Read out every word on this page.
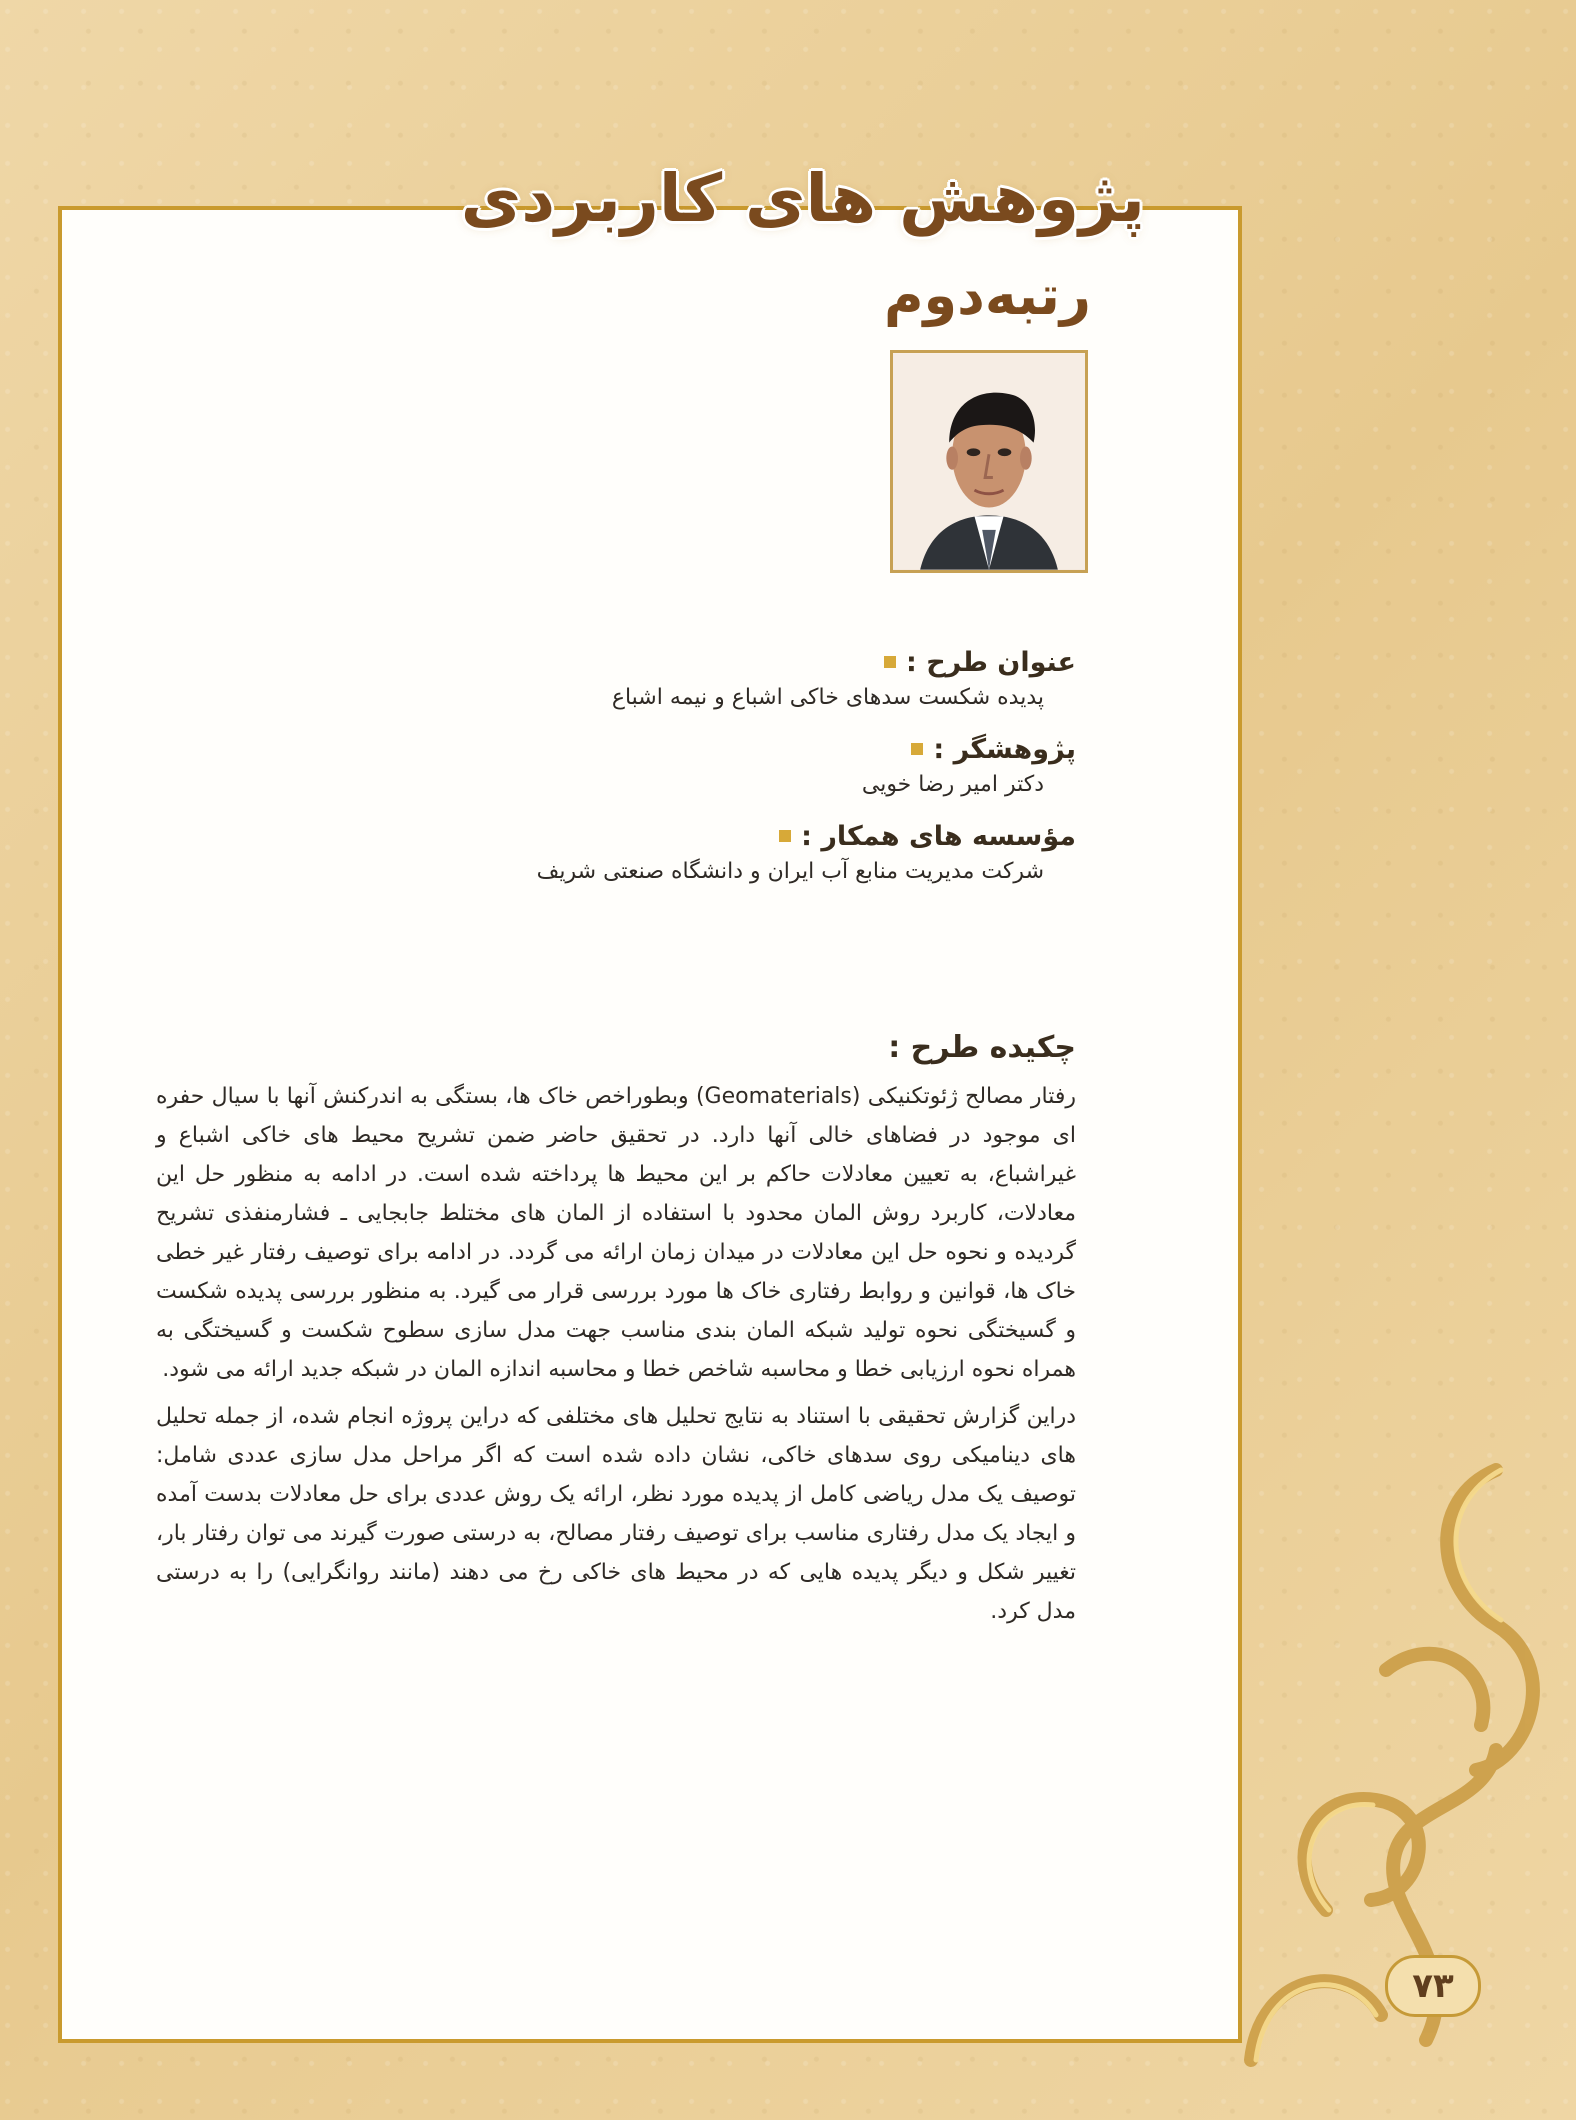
پژوهش های کاربردی
رتبه‌دوم
عنوان طرح :
پدیده شکست سدهای خاکی اشباع و نیمه اشباع
پژوهشگر :
دکتر امیر رضا خویی
مؤسسه های همکار :
شرکت مدیریت منابع آب ایران و دانشگاه صنعتی شریف
چکیده طرح :

رفتار مصالح ژئوتکنیکی (Geomaterials) وبطوراخص خاک ها، بستگی به اندرکنش آنها با سیال حفره ای موجود در فضاهای خالی آنها دارد. در تحقیق حاضر ضمن تشریح محیط های خاکی اشباع و غیراشباع، به تعیین معادلات حاکم بر این محیط ها پرداخته شده است. در ادامه به منظور حل این معادلات، کاربرد روش المان محدود با استفاده از المان های مختلط جابجایی ـ فشارمنفذی تشریح گردیده و نحوه حل این معادلات در میدان زمان ارائه می گردد. در ادامه برای توصیف رفتار غیر خطی خاک ها، قوانین و روابط رفتاری خاک ها مورد بررسی قرار می گیرد. به منظور بررسی پدیده شکست و گسیختگی نحوه تولید شبکه المان بندی مناسب جهت مدل سازی سطوح شکست و گسیختگی به همراه نحوه ارزیابی خطا و محاسبه شاخص خطا و محاسبه اندازه المان در شبکه جدید ارائه می شود.

دراین گزارش تحقیقی با استناد به نتایج تحلیل های مختلفی که دراین پروژه انجام شده، از جمله تحلیل های دینامیکی روی سدهای خاکی، نشان داده شده است که اگر مراحل مدل سازی عددی شامل: توصیف یک مدل ریاضی کامل از پدیده مورد نظر، ارائه یک روش عددی برای حل معادلات بدست آمده و ایجاد یک مدل رفتاری مناسب برای توصیف رفتار مصالح، به درستی صورت گیرند می توان رفتار بار، تغییر شکل و دیگر پدیده هایی که در محیط های خاکی رخ می دهند (مانند روانگرایی) را به درستی مدل کرد.

۷۳
